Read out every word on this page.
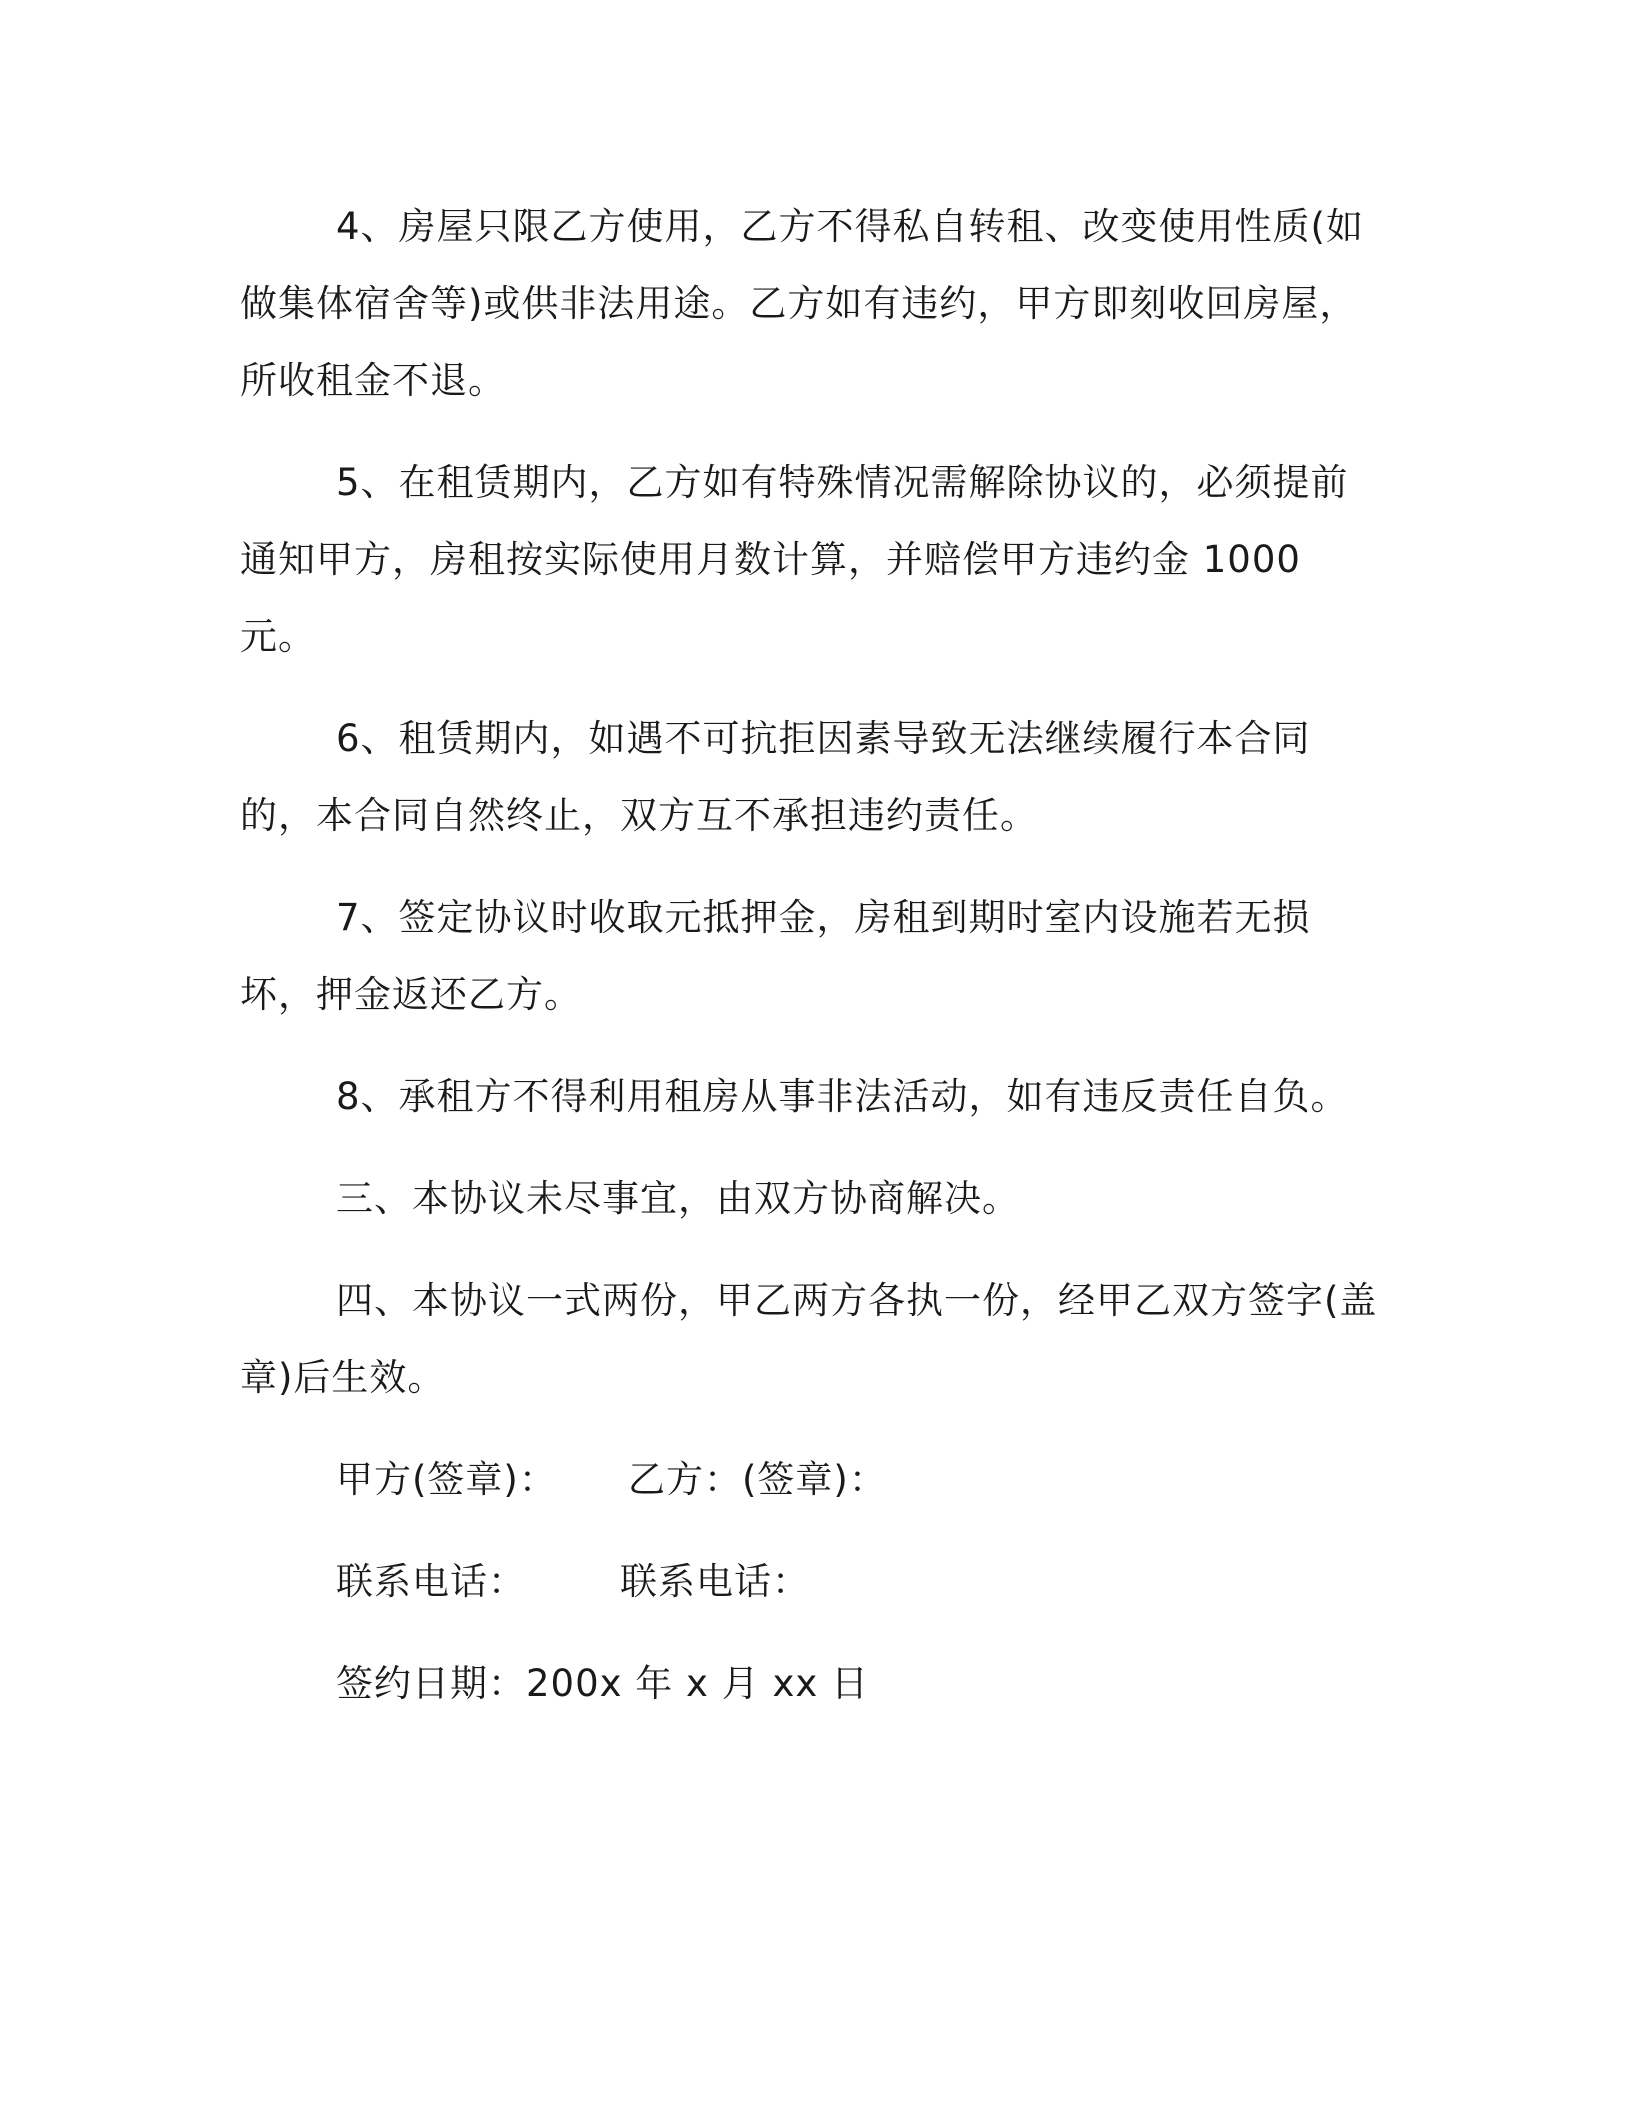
4、房屋只限乙方使用，乙方不得私自转租、改变使用性质(如做集体宿舍等)或供非法用途。乙方如有违约，甲方即刻收回房屋，所收租金不退。

5、在租赁期内，乙方如有特殊情况需解除协议的，必须提前通知甲方，房租按实际使用月数计算，并赔偿甲方违约金 1000 元。

6、租赁期内，如遇不可抗拒因素导致无法继续履行本合同的，本合同自然终止，双方互不承担违约责任。

7、签定协议时收取元抵押金，房租到期时室内设施若无损坏，押金返还乙方。

8、承租方不得利用租房从事非法活动，如有违反责任自负。

三、本协议未尽事宜，由双方协商解决。

四、本协议一式两份，甲乙两方各执一份，经甲乙双方签字(盖章)后生效。

甲方(签章)： 乙方：(签章)：
联系电话：	联系电话：
签约日期：200x 年 x 月 xx 日
